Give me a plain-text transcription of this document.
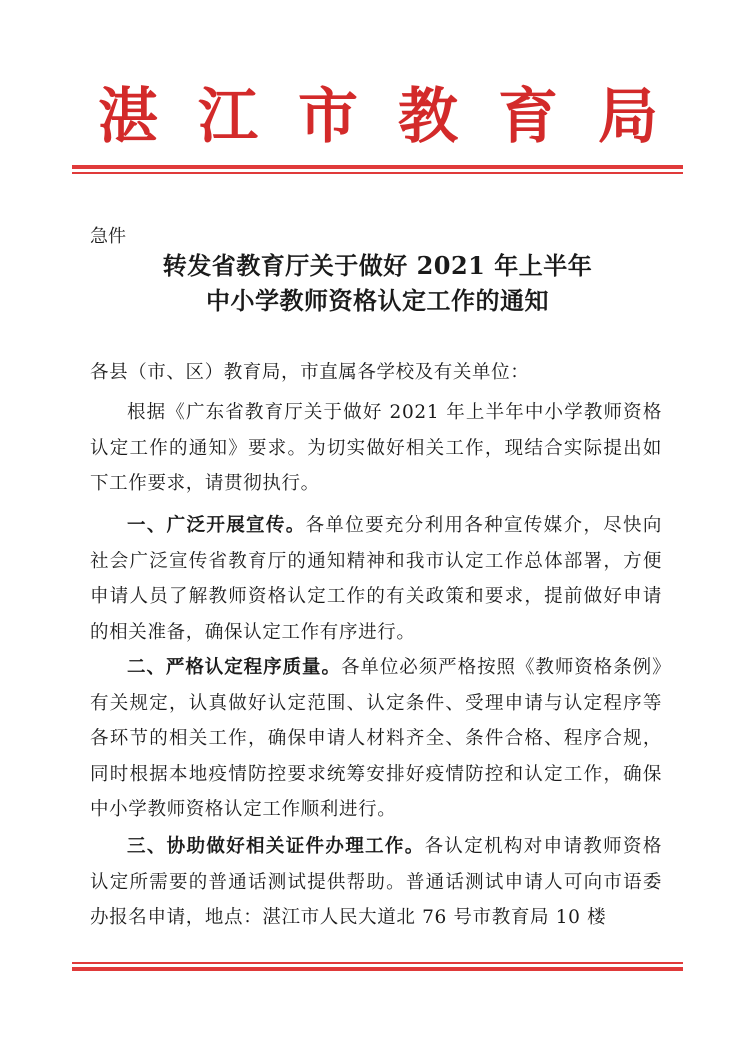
湛 江 市 教 育 局
急件
转发省教育厅关于做好 2021 年上半年
中小学教师资格认定工作的通知
各县（市、区）教育局，市直属各学校及有关单位：
根据《广东省教育厅关于做好 2021 年上半年中小学教师资格认定工作的通知》要求。为切实做好相关工作，现结合实际提出如下工作要求，请贯彻执行。
一、广泛开展宣传。各单位要充分利用各种宣传媒介，尽快向社会广泛宣传省教育厅的通知精神和我市认定工作总体部署，方便申请人员了解教师资格认定工作的有关政策和要求，提前做好申请的相关准备，确保认定工作有序进行。
二、严格认定程序质量。各单位必须严格按照《教师资格条例》有关规定，认真做好认定范围、认定条件、受理申请与认定程序等各环节的相关工作，确保申请人材料齐全、条件合格、程序合规，同时根据本地疫情防控要求统筹安排好疫情防控和认定工作，确保中小学教师资格认定工作顺利进行。
三、协助做好相关证件办理工作。各认定机构对申请教师资格认定所需要的普通话测试提供帮助。普通话测试申请人可向市语委办报名申请，地点：湛江市人民大道北 76 号市教育局 10 楼
